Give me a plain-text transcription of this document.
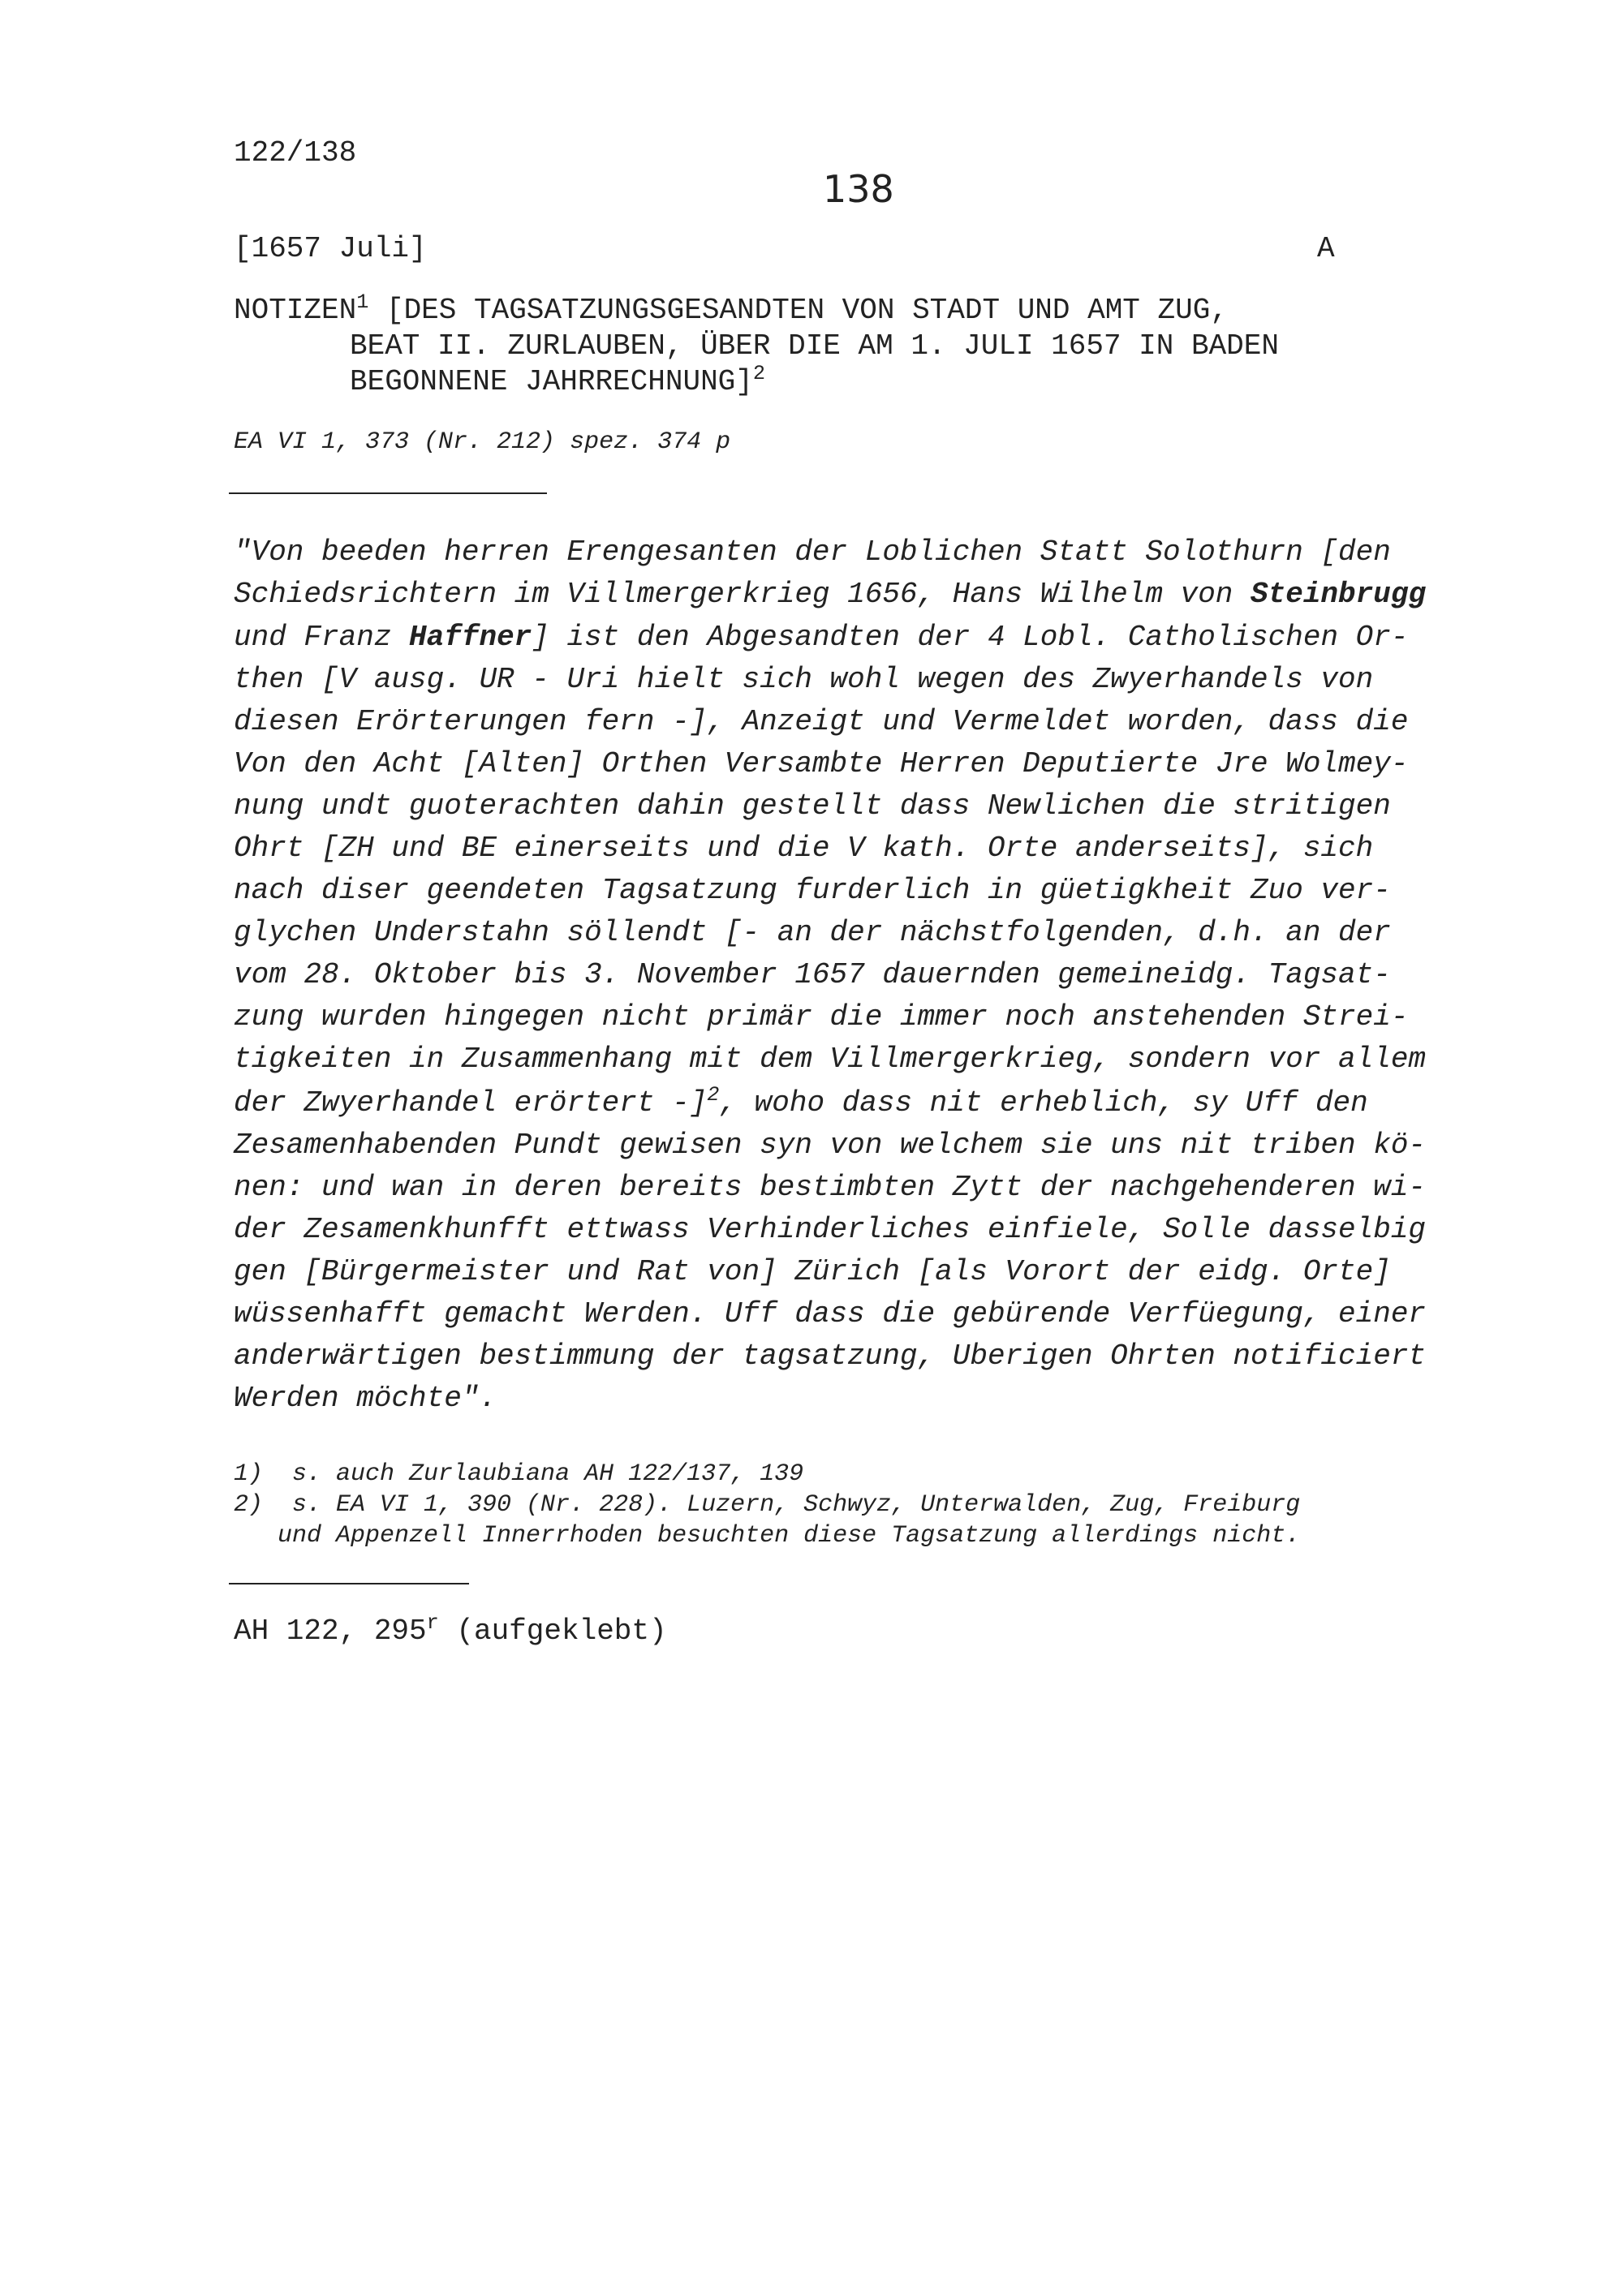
122/138
138
[1657 Juli]	A
NOTIZEN$^1$ [DES TAGSATZUNGSGESANDTEN VON STADT UND AMT ZUG,
BEAT II. ZURLAUBEN, ÜBER DIE AM 1. JULI 1657 IN BADEN
BEGONNENE JAHRRECHNUNG]$^2$
EA VI 1, 373 (Nr. 212) spez. 374 p
"Von beeden herren Erengesanten der Loblichen Statt Solothurn [den
Schiedsrichtern im Villmergerkrieg 1656, Hans Wilhelm von Steinbrugg
und Franz Haffner] ist den Abgesandten der 4 Lobl. Catholischen Or-
then [V ausg. UR - Uri hielt sich wohl wegen des Zwyerhandels von
diesen Erörterungen fern -], Anzeigt und Vermeldet worden, dass die
Von den Acht [Alten] Orthen Versambte Herren Deputierte Jre Wolmey-
nung undt guoterachten dahin gestellt dass Newlichen die stritigen
Ohrt [ZH und BE einerseits und die V kath. Orte anderseits], sich
nach diser geendeten Tagsatzung furderlich in güetigkheit Zuo ver-
glychen Understahn söllendt [- an der nächstfolgenden, d.h. an der
vom 28. Oktober bis 3. November 1657 dauernden gemeineidg. Tagsat-
zung wurden hingegen nicht primär die immer noch anstehenden Strei-
tigkeiten in Zusammenhang mit dem Villmergerkrieg, sondern vor allem
der Zwyerhandel erörtert -]$^2$, woho dass nit erheblich, sy Uff den
Zesamenhabenden Pundt gewisen syn von welchem sie uns nit triben kö-
nen: und wan in deren bereits bestimbten Zytt der nachgehenderen wi-
der Zesamenkhunfft ettwass Verhinderliches einfiele, Solle dasselbig
gen [Bürgermeister und Rat von] Zürich [als Vorort der eidg. Orte]
wüssenhafft gemacht Werden. Uff dass die gebürende Verfüegung, einer
anderwärtigen bestimmung der tagsatzung, Uberigen Ohrten notificiert
Werden möchte".
1)  s. auch Zurlaubiana AH 122/137, 139
2)  s. EA VI 1, 390 (Nr. 228). Luzern, Schwyz, Unterwalden, Zug, Freiburg
und Appenzell Innerrhoden besuchten diese Tagsatzung allerdings nicht.
AH 122, 295$^r$ (aufgeklebt)
